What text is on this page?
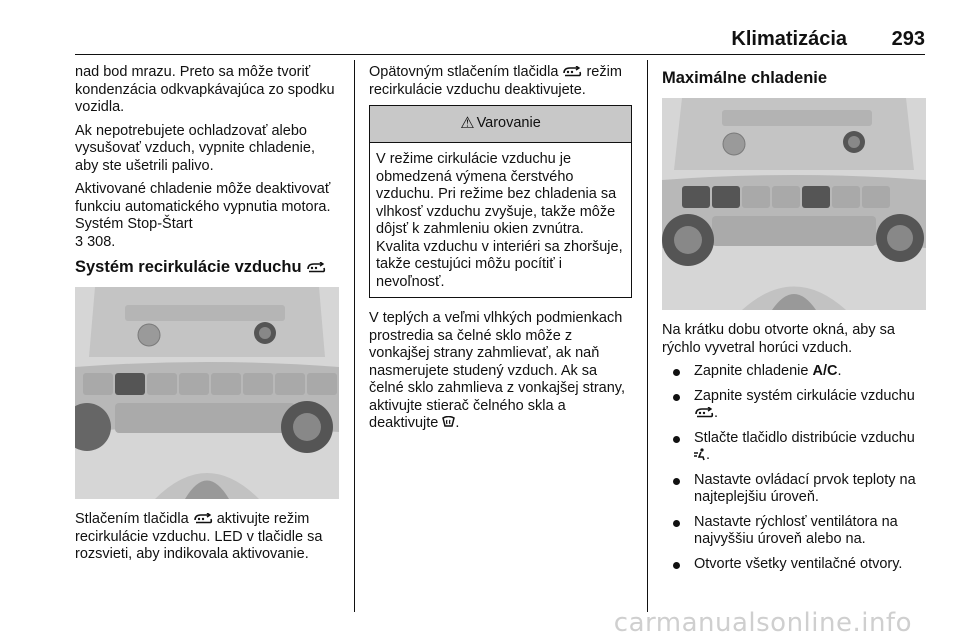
Klimatizácia 293

nad bod mrazu. Preto sa môže tvoriť kondenzácia odkvapkávajúca zo spodku vozidla.

Ak nepotrebujete ochladzovať alebo vysušovať vzduch, vypnite chladenie, aby ste ušetrili palivo.

Aktivované chladenie môže deaktivovať funkciu automatického vypnutia motora. Systém Stop-Štart
3 308.

Systém recirkulácie vzduchu

Stlačením tlačidla aktivujte režim recirkulácie vzduchu. LED v tlačidle sa rozsvieti, aby indikovala aktivovanie.

Opätovným stlačením tlačidla režim recirkulácie vzduchu deaktivujete.

⚠ Varovanie
V režime cirkulácie vzduchu je obmedzená výmena čerstvého vzduchu. Pri režime bez chladenia sa vlhkosť vzduchu zvyšuje, takže môže dôjsť k zahmleniu okien zvnútra. Kvalita vzduchu v interiéri sa zhoršuje, takže cestujúci môžu pocítiť i nevoľnosť.

V teplých a veľmi vlhkých podmienkach prostredia sa čelné sklo môže z vonkajšej strany zahmlievať, ak naň nasmerujete studený vzduch. Ak sa čelné sklo zahmlieva z vonkajšej strany, aktivujte stierač čelného skla a deaktivujte .

Maximálne chladenie

Na krátku dobu otvorte okná, aby sa rýchlo vyvetral horúci vzduch.

Zapnite chladenie A/C.
Zapnite systém cirkulácie vzduchu .
Stlačte tlačidlo distribúcie vzduchu .
Nastavte ovládací prvok teploty na najteplejšiu úroveň.
Nastavte rýchlosť ventilátora na najvyššiu úroveň alebo na.
Otvorte všetky ventilačné otvory.
carmanualsonline.info
